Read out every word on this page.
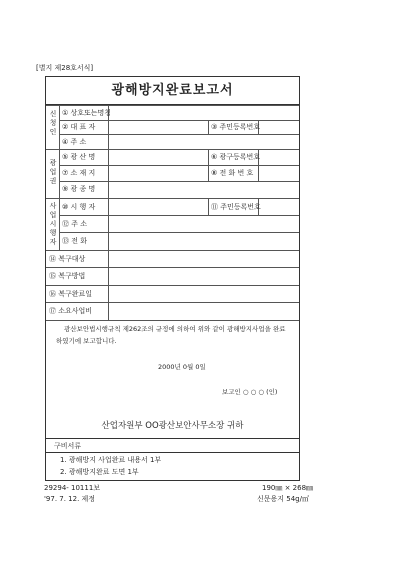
[별지 제28호서식]
광해방지완료보고서
신
청
인
광
업
권
사
업
시
행
자
① 상호또는명칭
② 대 표 자	③ 주민등록번호
④ 주 소
⑤ 광 산 명	⑥ 광구등록번호
⑦ 소 재 지	⑧ 전 화 번 호
⑨ 광 종 명
⑩ 시 행 자	⑪ 주민등록번호
⑫ 주 소
⑬ 전 화
⑭ 복구대상
⑮ 복구방법
⑯ 복구완료일
⑰ 소요사업비
광산보안법시행규칙 제262조의 규정에 의하여 위와 같이 광해방지사업을 완료
하였기에 보고합니다.
2000년 0월 0일
보고인 ○ ○ ○ (인)
산업자원부 OO광산보안사무소장 귀하
구비서류
1. 광해방지 사업완료 내용서 1부
2. 광해방지완료 도면 1부
29294- 10111보
'97. 7. 12. 제정
190㎜ × 268㎜
신문용지 54g/㎡
